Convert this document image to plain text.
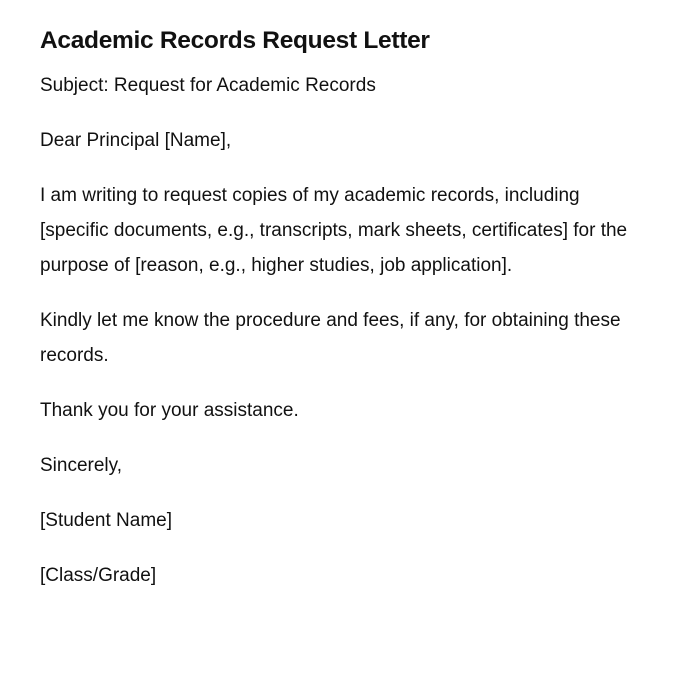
Academic Records Request Letter

Subject: Request for Academic Records

Dear Principal [Name],

I am writing to request copies of my academic records, including [specific documents, e.g., transcripts, mark sheets, certificates] for the purpose of [reason, e.g., higher studies, job application].

Kindly let me know the procedure and fees, if any, for obtaining these records.

Thank you for your assistance.

Sincerely,

[Student Name]

[Class/Grade]
